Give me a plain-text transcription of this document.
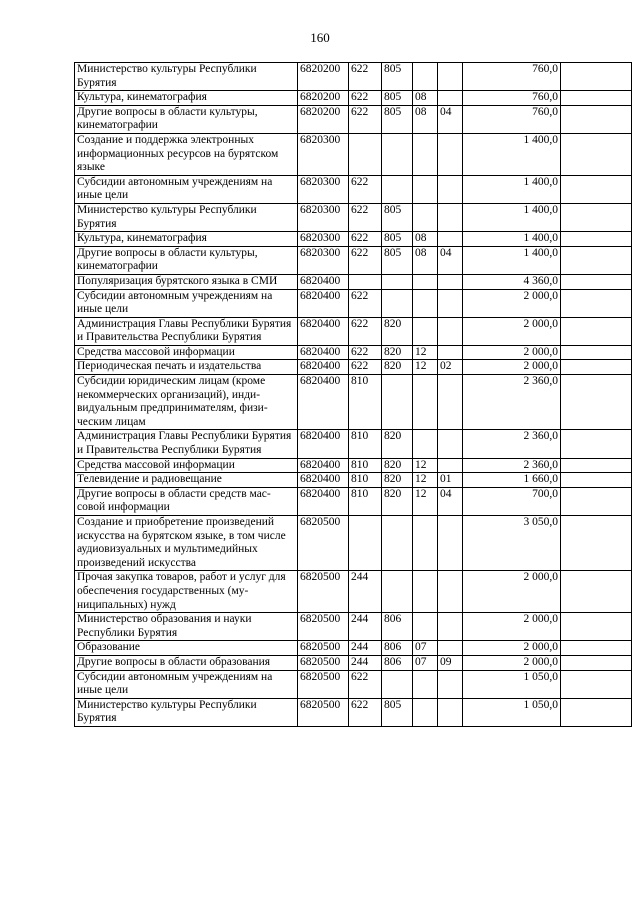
160
Министерство культуры Республики Бурятия	6820200	622	805			760,0	
Культура, кинематография	6820200	622	805	08		760,0	
Другие вопросы в области культуры, кинематографии	6820200	622	805	08	04	760,0	
Создание и поддержка электронных информационных ресурсов на бурятском языке	6820300					1 400,0	
Субсидии автономным учреждениям на иные цели	6820300	622				1 400,0	
Министерство культуры Республики Бурятия	6820300	622	805			1 400,0	
Культура, кинематография	6820300	622	805	08		1 400,0	
Другие вопросы в области культуры, кинематографии	6820300	622	805	08	04	1 400,0	
Популяризация бурятского языка в СМИ	6820400					4 360,0	
Субсидии автономным учреждениям на иные цели	6820400	622				2 000,0	
Администрация Главы Республики Бурятия и Правительства Республики Бурятия	6820400	622	820			2 000,0	
Средства массовой информации	6820400	622	820	12		2 000,0	
Периодическая печать и издательства	6820400	622	820	12	02	2 000,0	
Субсидии юридическим лицам (кроме некоммерческих организаций), индивидуальным предпринимателям, физическим лицам	6820400	810				2 360,0	
Администрация Главы Республики Бурятия и Правительства Республики Бурятия	6820400	810	820			2 360,0	
Средства массовой информации	6820400	810	820	12		2 360,0	
Телевидение и радиовещание	6820400	810	820	12	01	1 660,0	
Другие вопросы в области средств массовой информации	6820400	810	820	12	04	700,0	
Создание и приобретение произведений искусства на бурятском языке, в том числе аудиовизуальных и мультимедийных произведений искусства	6820500					3 050,0	
Прочая закупка товаров, работ и услуг для обеспечения государственных (муниципальных) нужд	6820500	244				2 000,0	
Министерство образования и науки Республики Бурятия	6820500	244	806			2 000,0	
Образование	6820500	244	806	07		2 000,0	
Другие вопросы в области образования	6820500	244	806	07	09	2 000,0	
Субсидии автономным учреждениям на иные цели	6820500	622				1 050,0	
Министерство культуры Республики Бурятия	6820500	622	805			1 050,0	
